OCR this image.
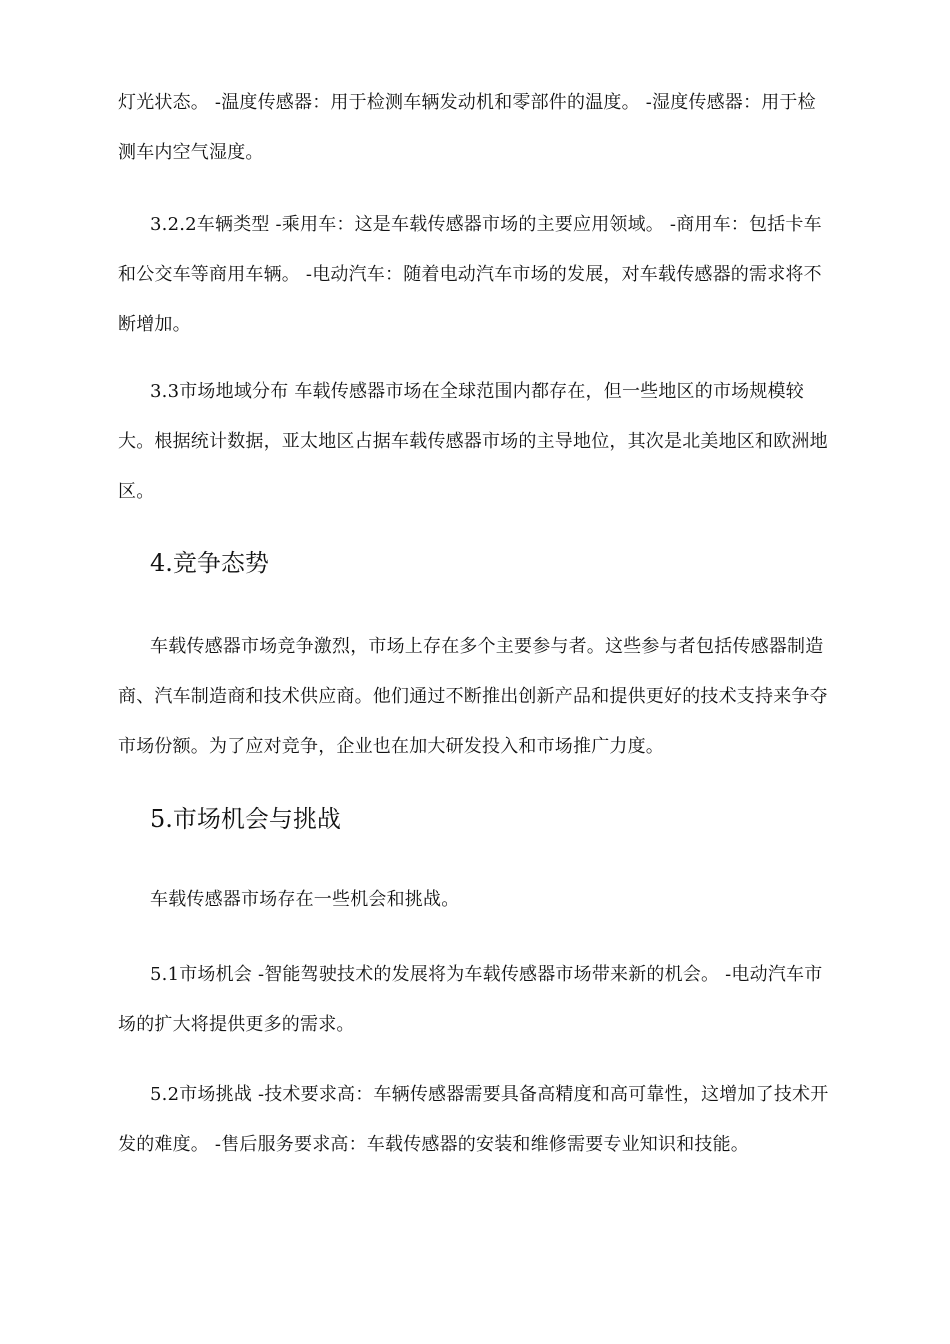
灯光状态。 -温度传感器：用于检测车辆发动机和零部件的温度。 -湿度传感器：用于检测车内空气湿度。

3.2.2车辆类型 -乘用车：这是车载传感器市场的主要应用领域。 -商用车：包括卡车和公交车等商用车辆。 -电动汽车：随着电动汽车市场的发展，对车载传感器的需求将不断增加。

3.3市场地域分布 车载传感器市场在全球范围内都存在，但一些地区的市场规模较大。根据统计数据，亚太地区占据车载传感器市场的主导地位，其次是北美地区和欧洲地区。

4.竞争态势

车载传感器市场竞争激烈，市场上存在多个主要参与者。这些参与者包括传感器制造商、汽车制造商和技术供应商。他们通过不断推出创新产品和提供更好的技术支持来争夺市场份额。为了应对竞争，企业也在加大研发投入和市场推广力度。

5.市场机会与挑战

车载传感器市场存在一些机会和挑战。

5.1市场机会 -智能驾驶技术的发展将为车载传感器市场带来新的机会。 -电动汽车市场的扩大将提供更多的需求。

5.2市场挑战 -技术要求高：车辆传感器需要具备高精度和高可靠性，这增加了技术开发的难度。 -售后服务要求高：车载传感器的安装和维修需要专业知识和技能。
